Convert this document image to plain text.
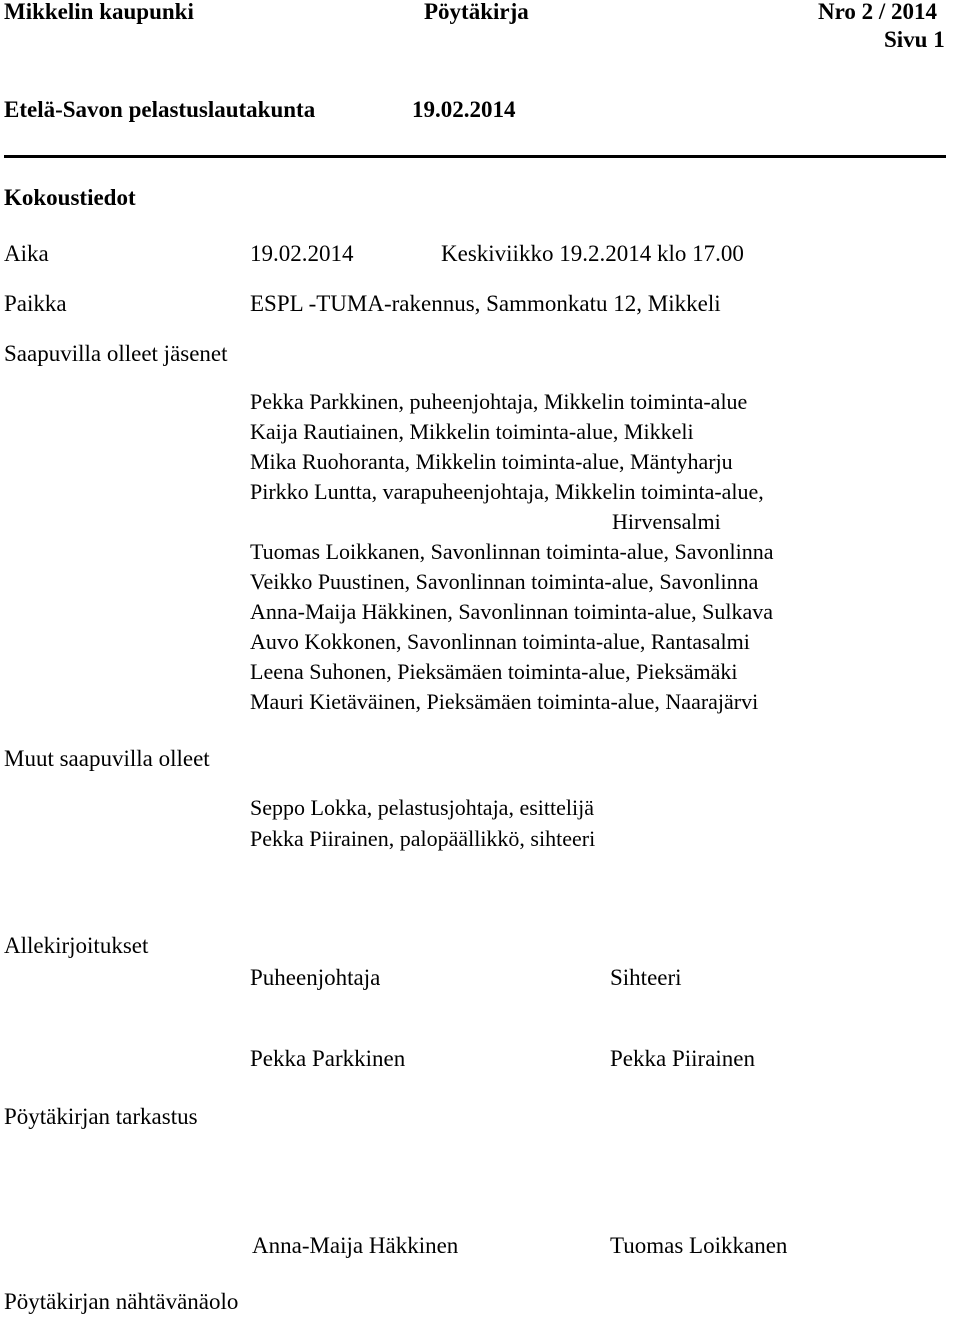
Mikkelin kaupunki	Pöytäkirja	Nro 2 / 2014
Sivu 1
Etelä-Savon pelastuslautakunta	19.02.2014
Kokoustiedot
Aika	19.02.2014	Keskiviikko 19.2.2014 klo 17.00
Paikka	ESPL -TUMA-rakennus, Sammonkatu 12, Mikkeli
Saapuvilla olleet jäsenet
Pekka Parkkinen, puheenjohtaja, Mikkelin toiminta-alue
Kaija Rautiainen, Mikkelin toiminta-alue, Mikkeli
Mika Ruohoranta, Mikkelin toiminta-alue, Mäntyharju
Pirkko Luntta, varapuheenjohtaja, Mikkelin toiminta-alue,
Hirvensalmi
Tuomas Loikkanen, Savonlinnan toiminta-alue, Savonlinna
Veikko Puustinen, Savonlinnan toiminta-alue, Savonlinna
Anna-Maija Häkkinen, Savonlinnan toiminta-alue, Sulkava
Auvo Kokkonen, Savonlinnan toiminta-alue, Rantasalmi
Leena Suhonen, Pieksämäen toiminta-alue, Pieksämäki
Mauri Kietäväinen, Pieksämäen toiminta-alue, Naarajärvi
Muut saapuvilla olleet
Seppo Lokka, pelastusjohtaja, esittelijä
Pekka Piirainen, palopäällikkö, sihteeri
Allekirjoitukset
Puheenjohtaja	Sihteeri
Pekka Parkkinen	Pekka Piirainen
Pöytäkirjan tarkastus
Anna-Maija Häkkinen	Tuomas Loikkanen
Pöytäkirjan nähtävänäolo
